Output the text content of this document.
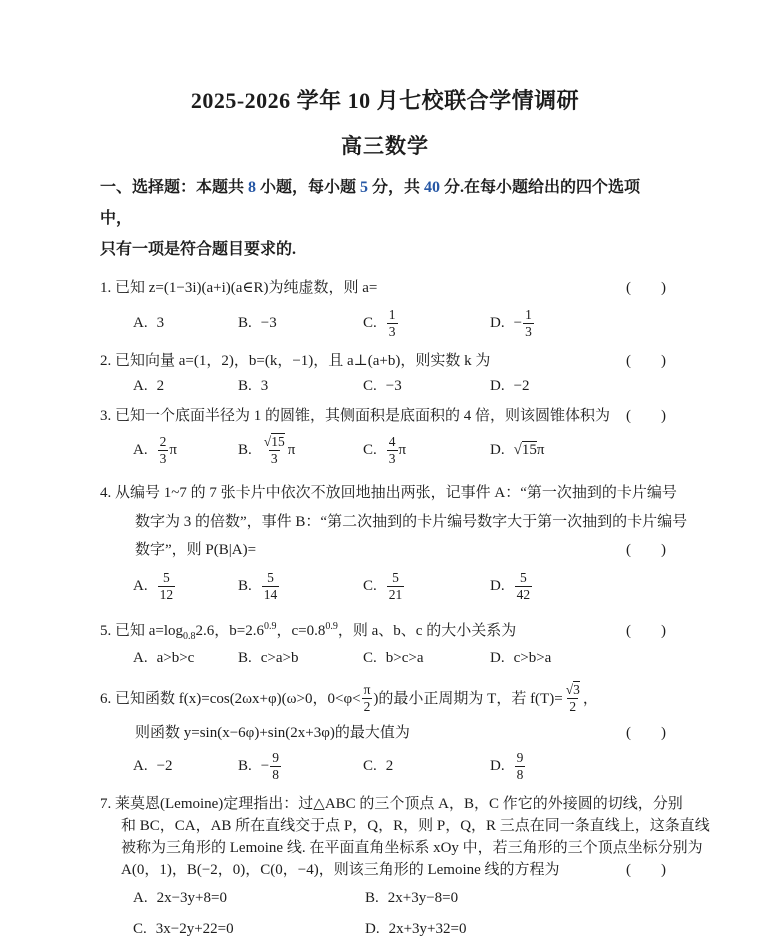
2025-2026 学年 10 月七校联合学情调研
高三数学
一、选择题：本题共 8 小题，每小题 5 分，共 40 分.在每小题给出的四个选项中，
只有一项是符合题目要求的.
1. 已知 z=(1−3i)(a+i)(a∈R)为纯虚数，则 a=	(　　)
A. 3	B. −3	C. $\frac{1}{3}$	D. − $\frac{1}{3}$
2. 已知向量 a=(1，2)，b=(k，−1)，且 a⊥(a+b)，则实数 k 为	(　　)
A. 2	B. 3	C. −3	D. −2
3. 已知一个底面半径为 1 的圆锥，其侧面积是底面积的 4 倍，则该圆锥体积为 (　　)
A. $\frac{2}{3}$ π	B. $\frac{√15}{3}$ π	C. $\frac{4}{3}$ π	D. √15 π
4. 从编号 1~7 的 7 张卡片中依次不放回地抽出两张，记事件 A：“第一次抽到的卡片编号
数字为 3 的倍数”，事件 B：“第二次抽到的卡片编号数字大于第一次抽到的卡片编号
数字”，则 P(B|A)=	(　　)
A. $\frac{5}{12}$	B. $\frac{5}{14}$	C. $\frac{5}{21}$	D. $\frac{5}{42}$
5. 已知 $a=\log_{0.8}2.6$，$b=2.6^{0.9}$，$c=0.8^{0.9}$，则 a、b、c 的大小关系为	(　　)
A. a>b>c	B. c>a>b	C. b>c>a	D. c>b>a
6.
已知函数 f(x)=cos(2ωx+φ)(ω>0，$0<\varphi< \frac{\pi}{2}$ )的最小正周期为 T，若 $f(T)= \frac{√3}{2}$ ，
则函数 y=sin(x−6φ)+sin(2x+3φ)的最大值为	(　　)
A. −2	B. − $\frac{9}{8}$	C. 2	D. $\frac{9}{8}$
7. 莱莫恩(Lemoine)定理指出：过△ABC 的三个顶点 A，B，C 作它的外接圆的切线，分别
和 BC，CA，AB 所在直线交于点 P，Q，R，则 P，Q，R 三点在同一条直线上，这条直线
被称为三角形的 Lemoine 线. 在平面直角坐标系 xOy 中，若三角形的三个顶点坐标分别为
A(0，1)，B(−2，0)，C(0，−4)，则该三角形的 Lemoine 线的方程为	(　　)
A. 2x−3y+8=0	B. 2x+3y−8=0
C. 3x−2y+22=0	D. 2x+3y+32=0
